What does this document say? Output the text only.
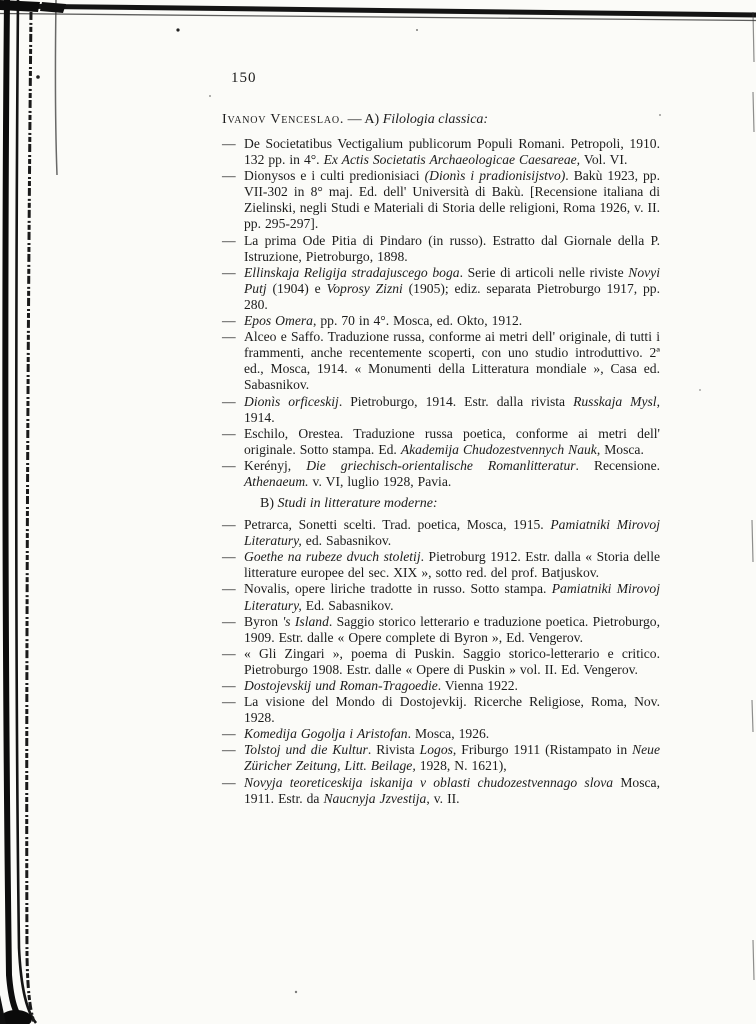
150
Ivanov Venceslao. — A) Filologia classica:

— De Societatibus Vectigalium publicorum Populi Romani. Petropoli, 1910. 132 pp. in 4°. Ex Actis Societatis Archaeologicae Caesareae, Vol. VI.

— Dionysos e i culti predionisiaci (Dionìs i pradionisijstvo). Bakù 1923, pp. VII-302 in 8° maj. Ed. dell' Università di Bakù. [Recensione italiana di Zielinski, negli Studi e Materiali di Storia delle religioni, Roma 1926, v. II. pp. 295-297].

— La prima Ode Pitia di Pindaro (in russo). Estratto dal Giornale della P. Istruzione, Pietroburgo, 1898.

— Ellinskaja Religija stradajuscego boga. Serie di articoli nelle riviste Novyi Putj (1904) e Voprosy Zizni (1905); ediz. separata Pietroburgo 1917, pp. 280.

— Epos Omera, pp. 70 in 4°. Mosca, ed. Okto, 1912.

— Alceo e Saffo. Traduzione russa, conforme ai metri dell' originale, di tutti i frammenti, anche recentemente scoperti, con uno studio introduttivo. 2ª ed., Mosca, 1914. « Monumenti della Litteratura mondiale », Casa ed. Sabasnikov.

— Dionìs orficeskij. Pietroburgo, 1914. Estr. dalla rivista Russkaja Mysl, 1914.

— Eschilo, Orestea. Traduzione russa poetica, conforme ai metri dell' originale. Sotto stampa. Ed. Akademija Chudozestvennych Nauk, Mosca.

— Kerényj, Die griechisch-orientalische Romanlitteratur. Recensione. Athenaeum. v. VI, luglio 1928, Pavia.

B) Studi in litterature moderne:

— Petrarca, Sonetti scelti. Trad. poetica, Mosca, 1915. Pamiatniki Mirovoj Literatury, ed. Sabasnikov.

— Goethe na rubeze dvuch stoletij. Pietroburg 1912. Estr. dalla « Storia delle litterature europee del sec. XIX », sotto red. del prof. Batjuskov.

— Novalis, opere liriche tradotte in russo. Sotto stampa. Pamiatniki Mirovoj Literatury, Ed. Sabasnikov.

— Byron 's Island. Saggio storico letterario e traduzione poetica. Pietroburgo, 1909. Estr. dalle « Opere complete di Byron », Ed. Vengerov.

— « Gli Zingari », poema di Puskin. Saggio storico-letterario e critico. Pietroburgo 1908. Estr. dalle « Opere di Puskin » vol. II. Ed. Vengerov.

— Dostojevskij und Roman-Tragoedie. Vienna 1922.

— La visione del Mondo di Dostojevkij. Ricerche Religiose, Roma, Nov. 1928.

— Komedija Gogolja i Aristofan. Mosca, 1926.

— Tolstoj und die Kultur. Rivista Logos, Friburgo 1911 (Ristampato in Neue Züricher Zeitung, Litt. Beilage, 1928, N. 1621),

— Novyja teoreticeskija iskanija v oblasti chudozestvennago slova Mosca, 1911. Estr. da Naucnyja Jzvestija, v. II.
